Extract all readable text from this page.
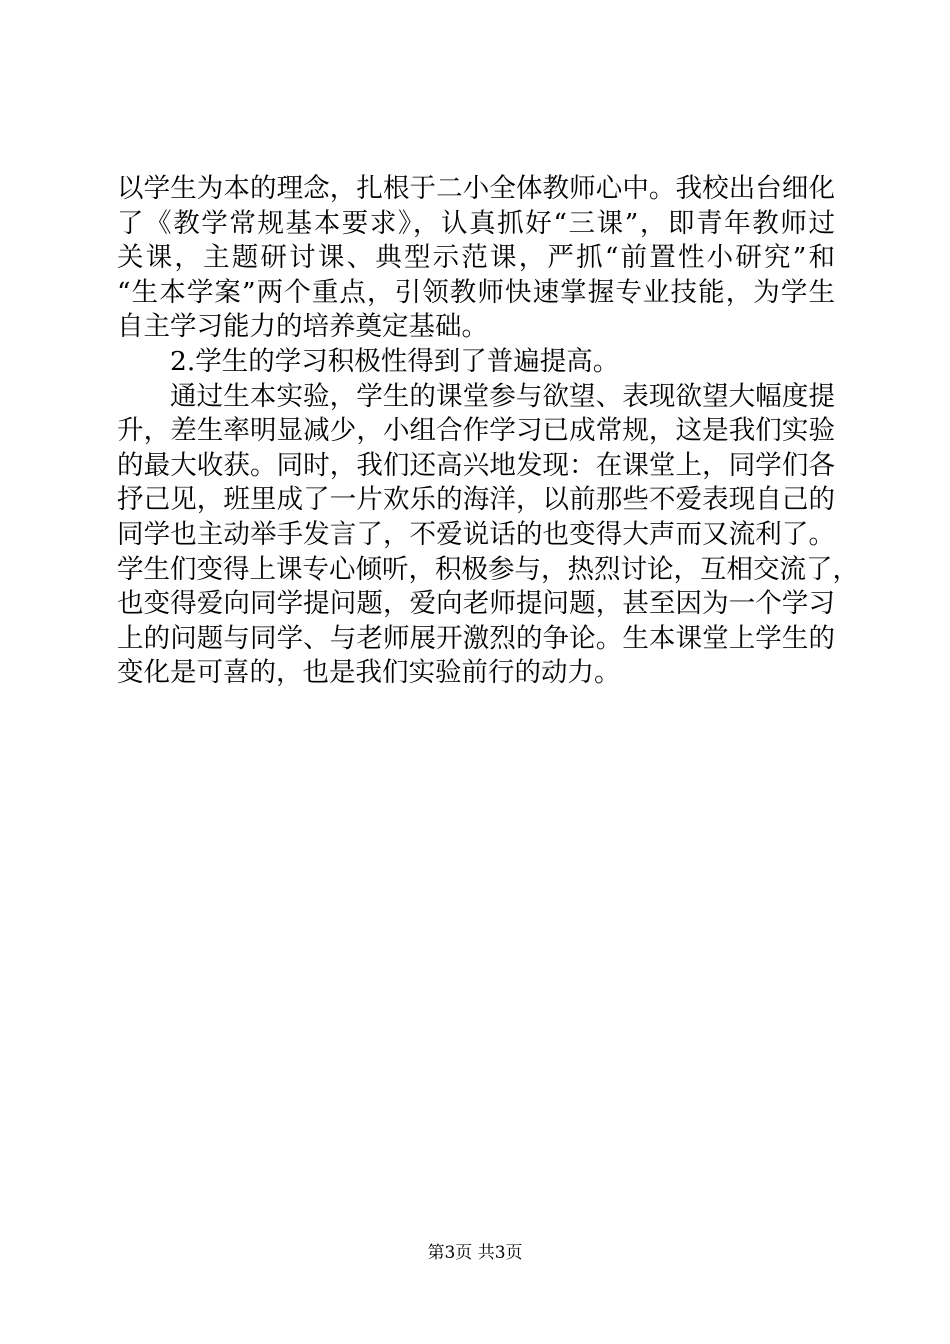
以学生为本的理念，扎根于二小全体教师心中。我校出台细化
了《教学常规基本要求》，认真抓好“三课”，即青年教师过
关课，主题研讨课、典型示范课，严抓“前置性小研究”和
“生本学案”两个重点，引领教师快速掌握专业技能，为学生
自主学习能力的培养奠定基础。
2.学生的学习积极性得到了普遍提高。
通过生本实验，学生的课堂参与欲望、表现欲望大幅度提
升，差生率明显减少，小组合作学习已成常规，这是我们实验
的最大收获。同时，我们还高兴地发现：在课堂上，同学们各
抒己见，班里成了一片欢乐的海洋，以前那些不爱表现自己的
同学也主动举手发言了，不爱说话的也变得大声而又流利了。
学生们变得上课专心倾听，积极参与，热烈讨论，互相交流了，
也变得爱向同学提问题，爱向老师提问题，甚至因为一个学习
上的问题与同学、与老师展开激烈的争论。生本课堂上学生的
变化是可喜的，也是我们实验前行的动力。
第3页 共3页
